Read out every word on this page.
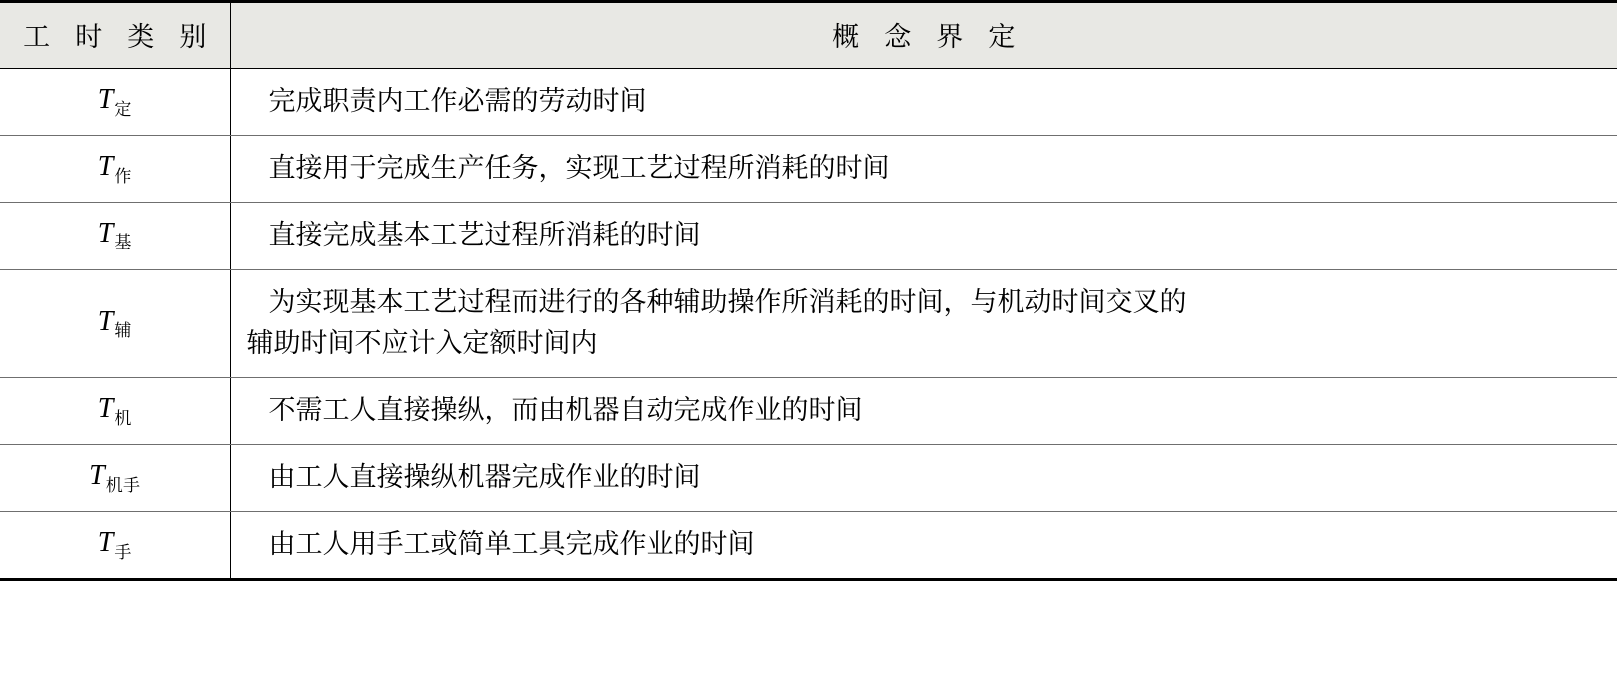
工 时 类 别	概 念 界 定
$T_定$	完成职责内工作必需的劳动时间
$T_作$	直接用于完成生产任务，实现工艺过程所消耗的时间
$T_基$	直接完成基本工艺过程所消耗的时间
$T_辅$	为实现基本工艺过程而进行的各种辅助操作所消耗的时间，与机动时间交叉的
辅助时间不应计入定额时间内

$T_机$	不需工人直接操纵，而由机器自动完成作业的时间
$T_{机手}$	由工人直接操纵机器完成作业的时间
$T_手$	由工人用手工或简单工具完成作业的时间
